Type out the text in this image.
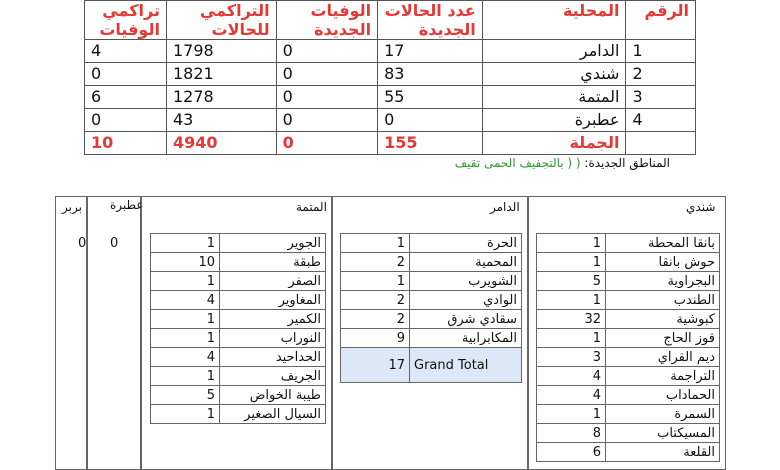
تراكمي الوفيات	التراكمي للحالات	الوفيات الجديدة	عدد الحالات الجديدة	المحلية	الرقم
4	1798	0	17	الدامر	1
0	1821	0	83	شندي	2
6	1278	0	55	المتمة	3
0	43	0	0	عطبرة	4
10	4940	0	155	الجملة	
المناطق الجديدة: ( ( بالتجفيف الحمى تقيف
بربر
0
عطبرة
0
المتمة
1	الجوير
10	طبقة
1	الصفر
4	المغاوير
1	الكمير
1	النوراب
4	الحداحيد
1	الجريف
5	طيبة الخواض
1	السيال الصغير
الدامر
1	الحرة
2	المحمية
1	الشويرب
2	الوادي
2	سقادي شرق
9	المكابرابية
17	Grand Total
شندي
1	بانقا المحطة
1	حوش بانقا
5	البجراوية
1	الطندب
32	كبوشية
1	قوز الحاج
3	ديم القراي
4	التراجمة
4	الحماداب
1	السمرة
8	المسيكتاب
6	القلعة
